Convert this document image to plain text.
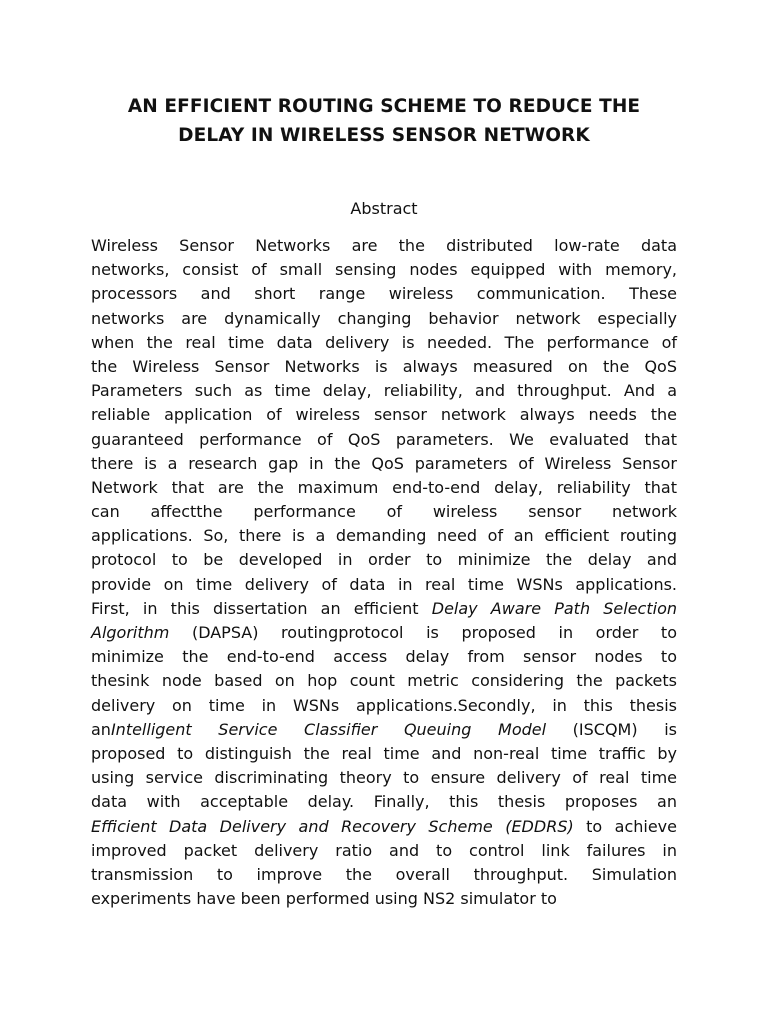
AN EFFICIENT ROUTING SCHEME TO REDUCE THE
DELAY IN WIRELESS SENSOR NETWORK
Abstract
Wireless Sensor Networks are the distributed low-rate data
networks, consist of small sensing nodes equipped with memory,
processors and short range wireless communication. These
networks are dynamically changing behavior network especially
when the real time data delivery is needed. The performance of
the Wireless Sensor Networks is always measured on the QoS
Parameters such as time delay, reliability, and throughput. And a
reliable application of wireless sensor network always needs the
guaranteed performance of QoS parameters. We evaluated that
there is a research gap in the QoS parameters of Wireless Sensor
Network that are the maximum end-to-end delay, reliability that
can affectthe performance of wireless sensor network
applications. So, there is a demanding need of an efficient routing
protocol to be developed in order to minimize the delay and
provide on time delivery of data in real time WSNs applications.
First, in this dissertation an efficient Delay Aware Path Selection
Algorithm (DAPSA) routingprotocol is proposed in order to
minimize the end-to-end access delay from sensor nodes to
thesink node based on hop count metric considering the packets
delivery on time in WSNs applications.Secondly, in this thesis
anIntelligent Service Classifier Queuing Model (ISCQM) is
proposed to distinguish the real time and non-real time traffic by
using service discriminating theory to ensure delivery of real time
data with acceptable delay. Finally, this thesis proposes an
Efficient Data Delivery and Recovery Scheme (EDDRS) to achieve
improved packet delivery ratio and to control link failures in
transmission to improve the overall throughput. Simulation
experiments have been performed using NS2 simulator to
